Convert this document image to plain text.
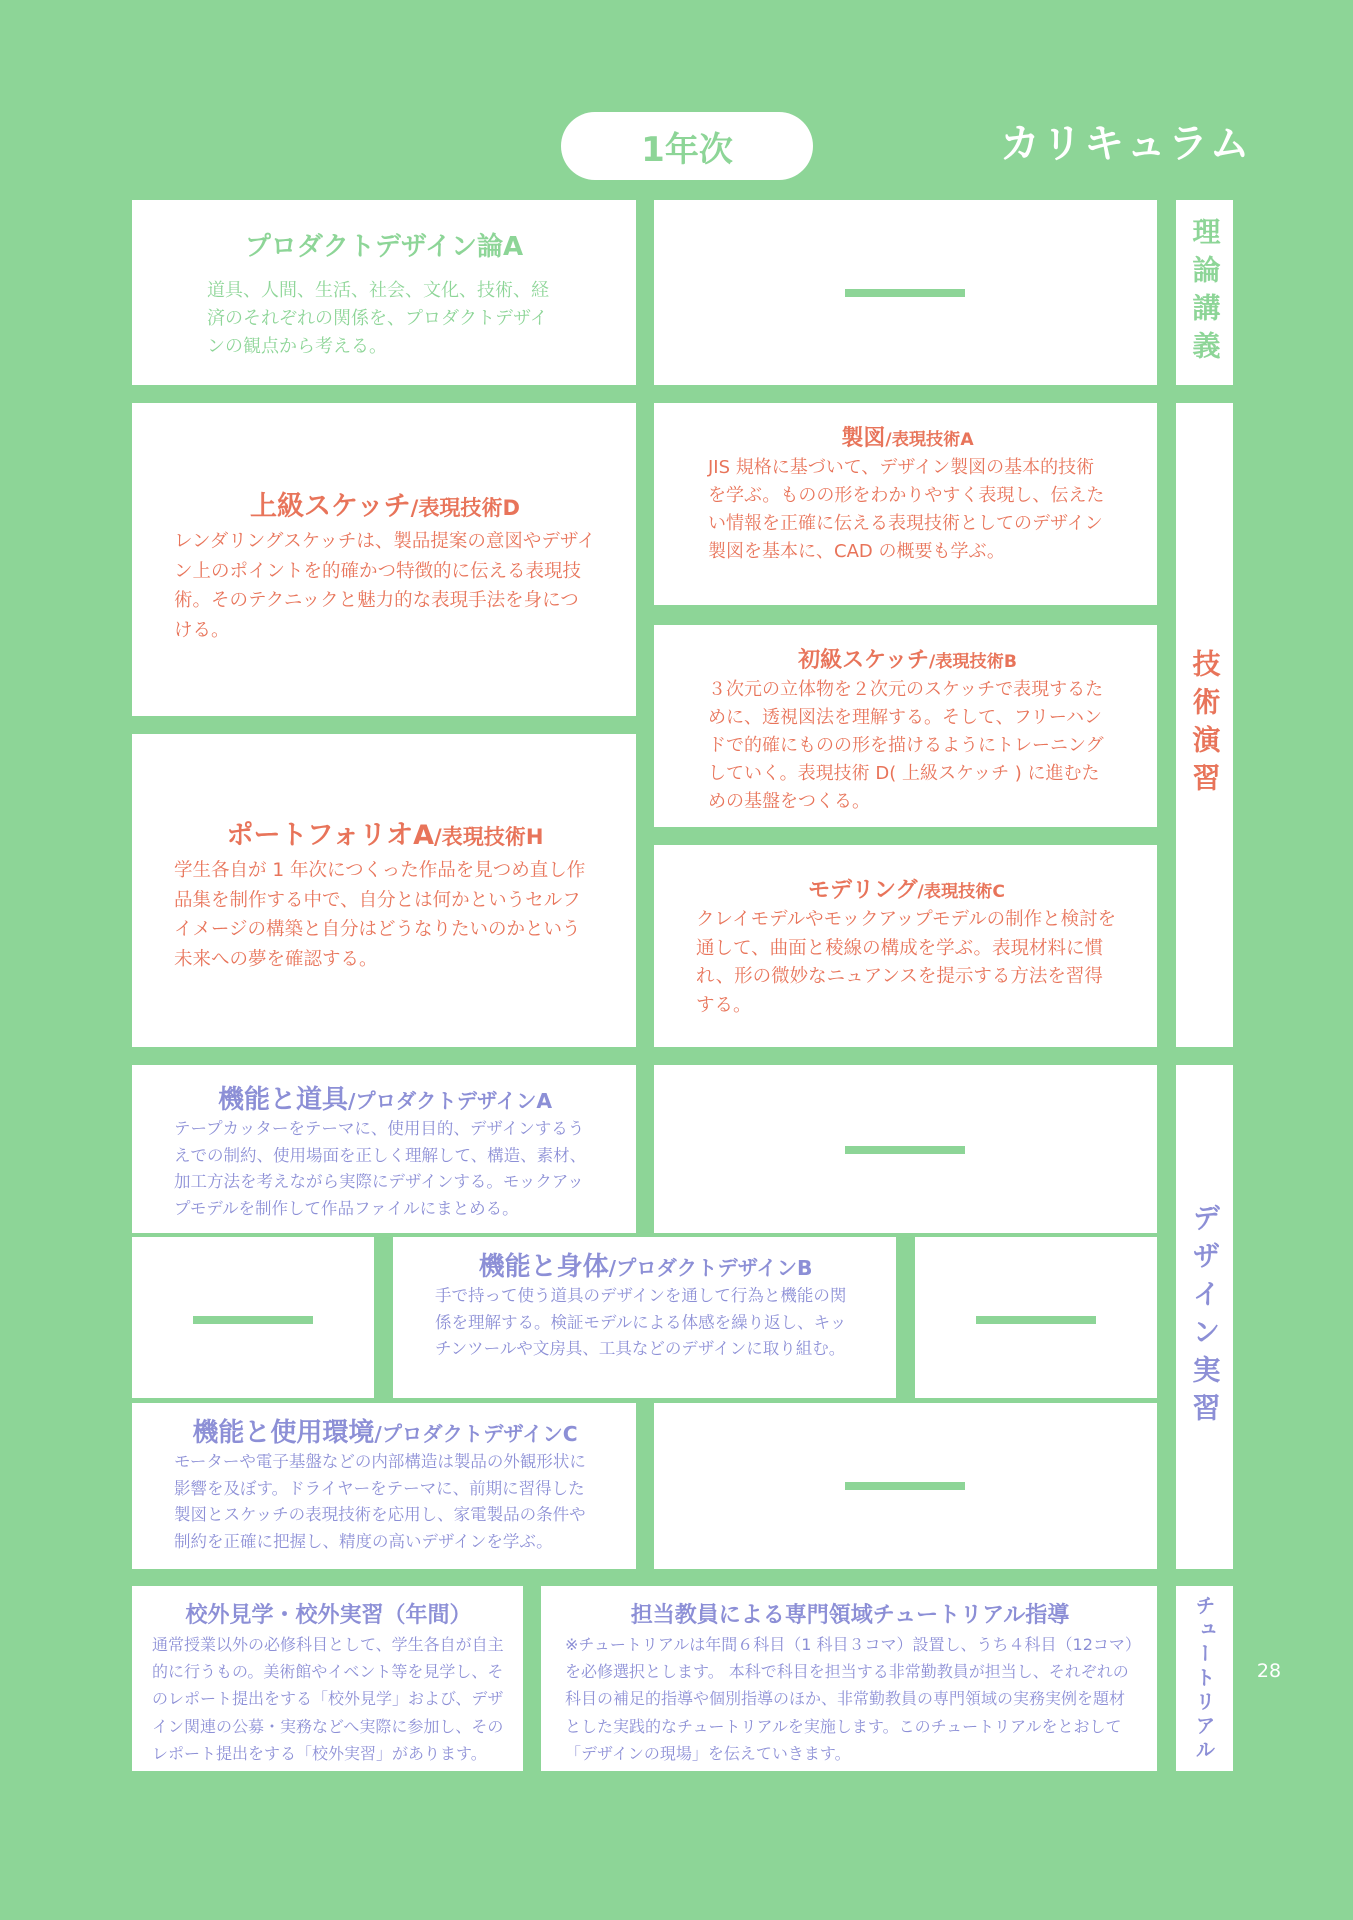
1年次	カリキュラム
プロダクトデザイン論A
道具、人間、生活、社会、文化、技術、経済のそれぞれの関係を、プロダクトデザインの観点から考える。	理論講義
上級スケッチ/表現技術D
レンダリングスケッチは、製品提案の意図やデザイン上のポイントを的確かつ特徴的に伝える表現技術。そのテクニックと魅力的な表現手法を身につける。
製図/表現技術A
JIS 規格に基づいて、デザイン製図の基本的技術を学ぶ。ものの形をわかりやすく表現し、伝えたい情報を正確に伝える表現技術としてのデザイン製図を基本に、CAD の概要も学ぶ。
初級スケッチ/表現技術B
３次元の立体物を２次元のスケッチで表現するために、透視図法を理解する。そして、フリーハンドで的確にものの形を描けるようにトレーニングしていく。表現技術 D( 上級スケッチ ) に進むための基盤をつくる。
ポートフォリオA/表現技術H
学生各自が 1 年次につくった作品を見つめ直し作品集を制作する中で、自分とは何かというセルフイメージの構築と自分はどうなりたいのかという未来への夢を確認する。
モデリング/表現技術C
クレイモデルやモックアップモデルの制作と検討を通して、曲面と稜線の構成を学ぶ。表現材料に慣れ、形の微妙なニュアンスを提示する方法を習得する。
技術演習
機能と道具/プロダクトデザインA
テープカッターをテーマに、使用目的、デザインするうえでの制約、使用場面を正しく理解して、構造、素材、加工方法を考えながら実際にデザインする。モックアップモデルを制作して作品ファイルにまとめる。
機能と身体/プロダクトデザインB
手で持って使う道具のデザインを通して行為と機能の関係を理解する。検証モデルによる体感を繰り返し、キッチンツールや文房具、工具などのデザインに取り組む。
機能と使用環境/プロダクトデザインC
モーターや電子基盤などの内部構造は製品の外観形状に影響を及ぼす。ドライヤーをテーマに、前期に習得した製図とスケッチの表現技術を応用し、家電製品の条件や制約を正確に把握し、精度の高いデザインを学ぶ。
デザイン実習
校外見学・校外実習（年間）
通常授業以外の必修科目として、学生各自が自主的に行うもの。美術館やイベント等を見学し、そのレポート提出をする「校外見学」および、デザイン関連の公募・実務などへ実際に参加し、そのレポート提出をする「校外実習」があります。
担当教員による専門領域チュートリアル指導
※チュートリアルは年間６科目（1 科目３コマ）設置し、うち４科目（12コマ）を必修選択とします。 本科で科目を担当する非常勤教員が担当し、それぞれの科目の補足的指導や個別指導のほか、非常勤教員の専門領域の実務実例を題材とした実践的なチュートリアルを実施します。このチュートリアルをとおして「デザインの現場」を伝えていきます。	チュートリアル	28
